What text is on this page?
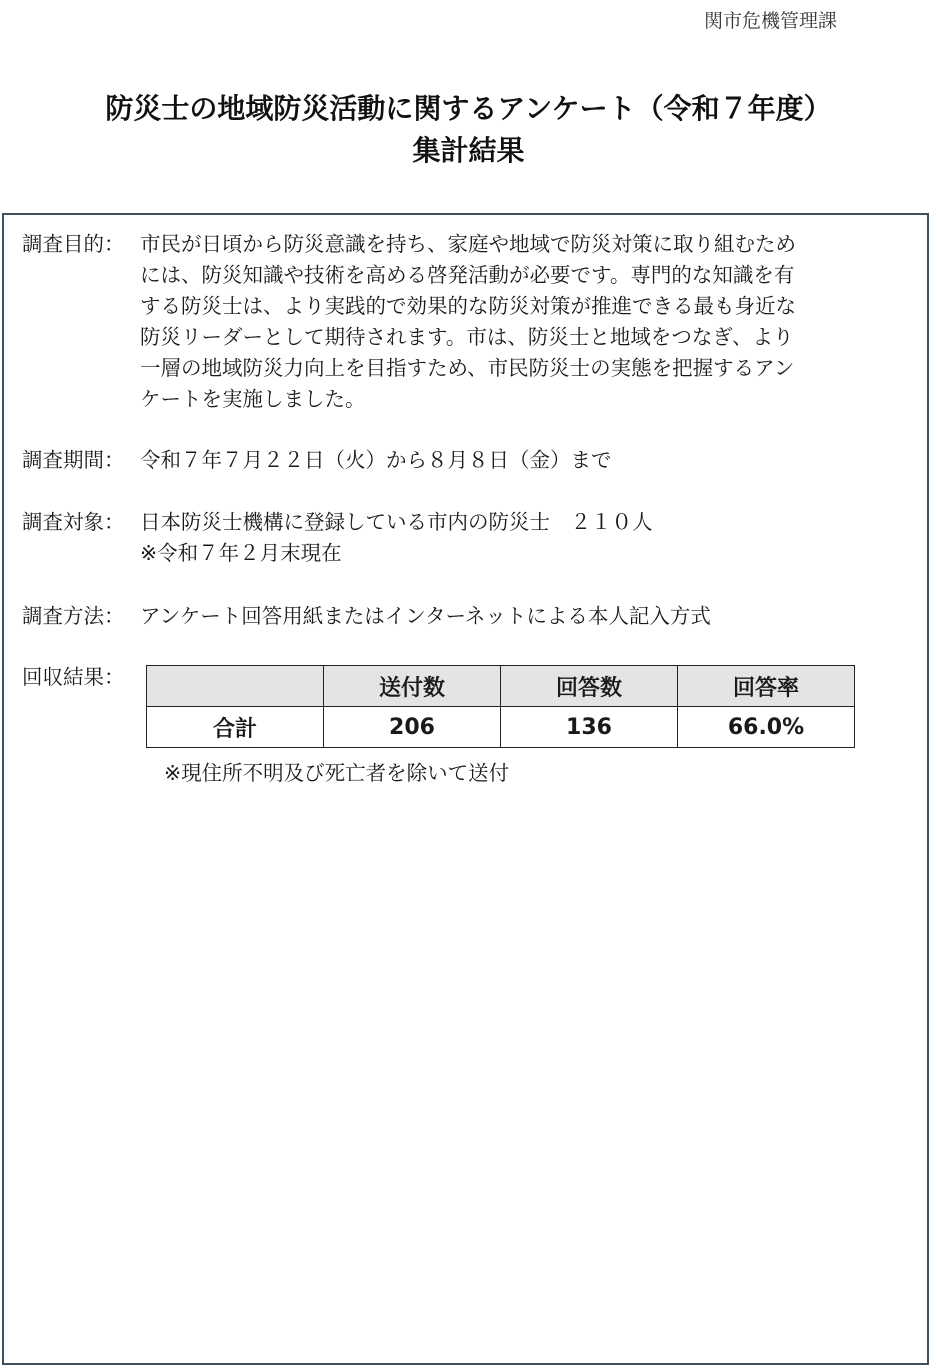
関市危機管理課
防災士の地域防災活動に関するアンケート（令和７年度）
集計結果
調査目的： 市民が日頃から防災意識を持ち、家庭や地域で防災対策に取り組むため
には、防災知識や技術を高める啓発活動が必要です。専門的な知識を有
する防災士は、より実践的で効果的な防災対策が推進できる最も身近な
防災リーダーとして期待されます。市は、防災士と地域をつなぎ、より
一層の地域防災力向上を目指すため、市民防災士の実態を把握するアン
ケートを実施しました。
調査期間： 令和７年７月２２日（火）から８月８日（金）まで
調査対象： 日本防災士機構に登録している市内の防災士　２１０人
※令和７年２月末現在
調査方法： アンケート回答用紙またはインターネットによる本人記入方式
回収結果：
		送付数	回答数	回答率
合計	206	136	66.0%
※現住所不明及び死亡者を除いて送付
